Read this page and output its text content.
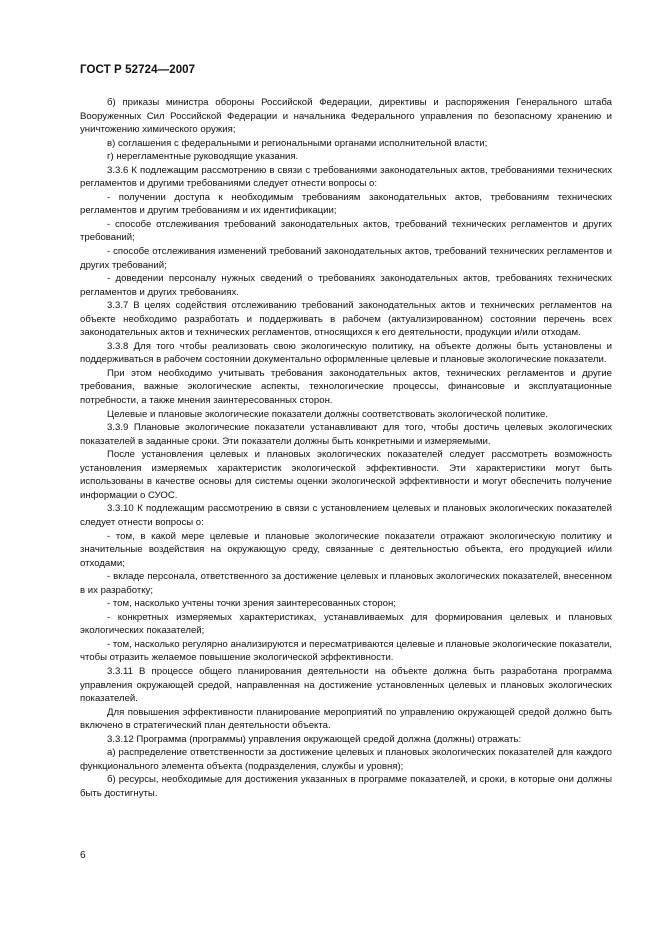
ГОСТ Р 52724—2007

б) приказы министра обороны Российской Федерации, директивы и распоряжения Генерального штаба Вооруженных Сил Российской Федерации и начальника Федерального управления по безопасному хранению и уничтожению химического оружия;

в) соглашения с федеральными и региональными органами исполнительной власти;

г) нерегламентные руководящие указания.

3.3.6 К подлежащим рассмотрению в связи с требованиями законодательных актов, требованиями технических регламентов и другими требованиями следует отнести вопросы о:

- получении доступа к необходимым требованиям законодательных актов, требованиям технических регламентов и другим требованиям и их идентификации;

- способе отслеживания требований законодательных актов, требований технических регламентов и других требований;

- способе отслеживания изменений требований законодательных актов, требований технических регламентов и других требований;

- доведении персоналу нужных сведений о требованиях законодательных актов, требованиях технических регламентов и других требованиях.

3.3.7 В целях содействия отслеживанию требований законодательных актов и технических регламентов на объекте необходимо разработать и поддерживать в рабочем (актуализированном) состоянии перечень всех законодательных актов и технических регламентов, относящихся к его деятельности, продукции и/или отходам.

3.3.8 Для того чтобы реализовать свою экологическую политику, на объекте должны быть установлены и поддерживаться в рабочем состоянии документально оформленные целевые и плановые экологические показатели.

При этом необходимо учитывать требования законодательных актов, технических регламентов и другие требования, важные экологические аспекты, технологические процессы, финансовые и эксплуатационные потребности, а также мнения заинтересованных сторон.

Целевые и плановые экологические показатели должны соответствовать экологической политике.

3.3.9 Плановые экологические показатели устанавливают для того, чтобы достичь целевых экологических показателей в заданные сроки. Эти показатели должны быть конкретными и измеряемыми.

После установления целевых и плановых экологических показателей следует рассмотреть возможность установления измеряемых характеристик экологической эффективности. Эти характеристики могут быть использованы в качестве основы для системы оценки экологической эффективности и могут обеспечить получение информации о СУОС.

3.3.10 К подлежащим рассмотрению в связи с установлением целевых и плановых экологических показателей следует отнести вопросы о:

- том, в какой мере целевые и плановые экологические показатели отражают экологическую политику и значительные воздействия на окружающую среду, связанные с деятельностью объекта, его продукцией и/или отходами;

- вкладе персонала, ответственного за достижение целевых и плановых экологических показателей, внесенном в их разработку;

- том, насколько учтены точки зрения заинтересованных сторон;

- конкретных измеряемых характеристиках, устанавливаемых для формирования целевых и плановых экологических показателей;

- том, насколько регулярно анализируются и пересматриваются целевые и плановые экологические показатели, чтобы отразить желаемое повышение экологической эффективности.

3.3.11 В процессе общего планирования деятельности на объекте должна быть разработана программа управления окружающей средой, направленная на достижение установленных целевых и плановых экологических показателей.

Для повышения эффективности планирование мероприятий по управлению окружающей средой должно быть включено в стратегический план деятельности объекта.

3.3.12 Программа (программы) управления окружающей средой должна (должны) отражать:

а) распределение ответственности за достижение целевых и плановых экологических показателей для каждого функционального элемента объекта (подразделения, службы и уровня);

б) ресурсы, необходимые для достижения указанных в программе показателей, и сроки, в которые они должны быть достигнуты.

6
